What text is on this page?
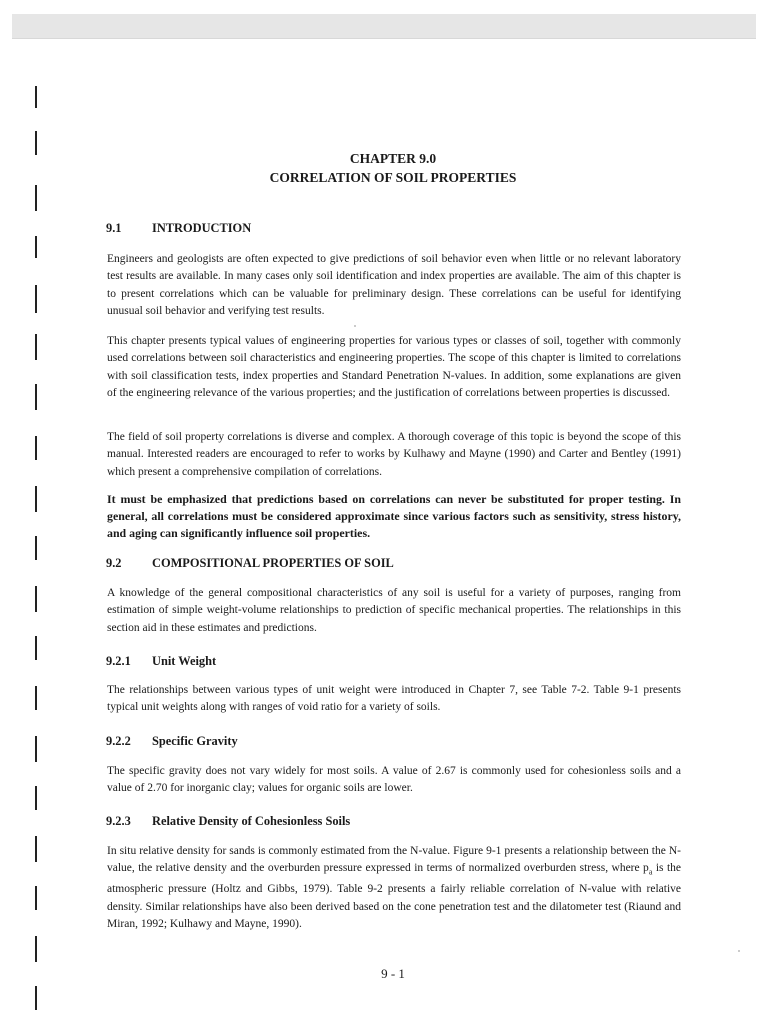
CHAPTER 9.0
CORRELATION OF SOIL PROPERTIES
9.1 INTRODUCTION

Engineers and geologists are often expected to give predictions of soil behavior even when little or no relevant laboratory test results are available. In many cases only soil identification and index properties are available. The aim of this chapter is to present correlations which can be valuable for preliminary design. These correlations can be useful for identifying unusual soil behavior and verifying test results.

This chapter presents typical values of engineering properties for various types or classes of soil, together with commonly used correlations between soil characteristics and engineering properties. The scope of this chapter is limited to correlations with soil classification tests, index properties and Standard Penetration N-values. In addition, some explanations are given of the engineering relevance of the various properties; and the justification of correlations between properties is discussed.

The field of soil property correlations is diverse and complex. A thorough coverage of this topic is beyond the scope of this manual. Interested readers are encouraged to refer to works by Kulhawy and Mayne (1990) and Carter and Bentley (1991) which present a comprehensive compilation of correlations.

It must be emphasized that predictions based on correlations can never be substituted for proper testing. In general, all correlations must be considered approximate since various factors such as sensitivity, stress history, and aging can significantly influence soil properties.

9.2 COMPOSITIONAL PROPERTIES OF SOIL

A knowledge of the general compositional characteristics of any soil is useful for a variety of purposes, ranging from estimation of simple weight-volume relationships to prediction of specific mechanical properties. The relationships in this section aid in these estimates and predictions.

9.2.1 Unit Weight

The relationships between various types of unit weight were introduced in Chapter 7, see Table 7-2. Table 9-1 presents typical unit weights along with ranges of void ratio for a variety of soils.

9.2.2 Specific Gravity

The specific gravity does not vary widely for most soils. A value of 2.67 is commonly used for cohesionless soils and a value of 2.70 for inorganic clay; values for organic soils are lower.

9.2.3 Relative Density of Cohesionless Soils

In situ relative density for sands is commonly estimated from the N-value. Figure 9-1 presents a relationship between the N-value, the relative density and the overburden pressure expressed in terms of normalized overburden stress, where $p_a$ is the atmospheric pressure (Holtz and Gibbs, 1979). Table 9-2 presents a fairly reliable correlation of N-value with relative density. Similar relationships have also been derived based on the cone penetration test and the dilatometer test (Riaund and Miran, 1992; Kulhawy and Mayne, 1990).

9 - 1
